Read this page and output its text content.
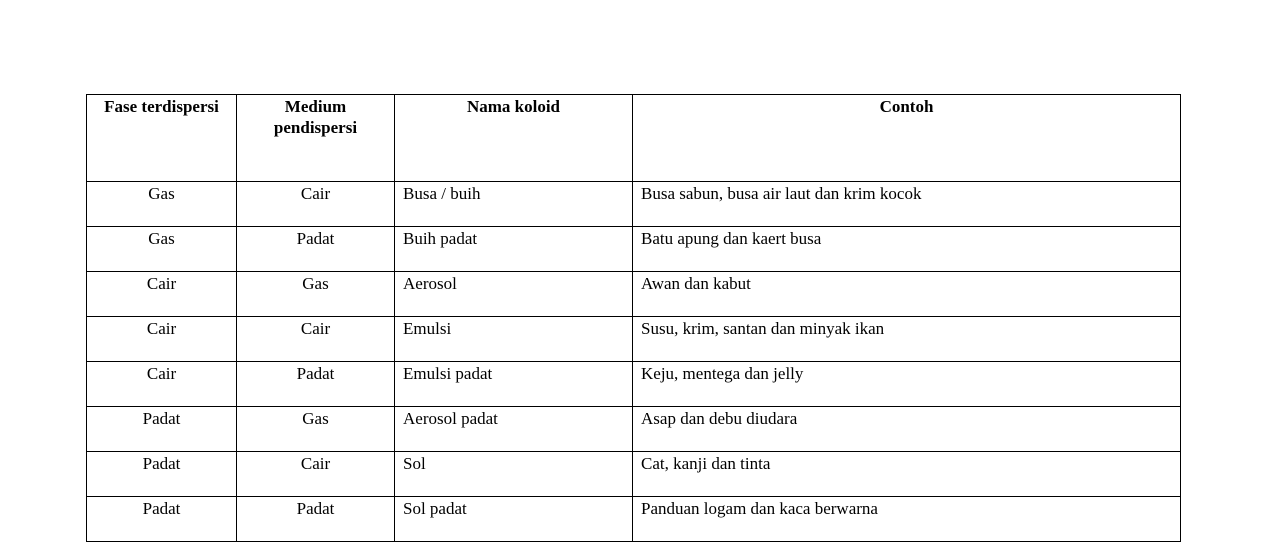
Fase terdispersi	Medium pendispersi	Nama koloid	Contoh
Gas	Cair	Busa / buih	Busa sabun, busa air laut dan krim kocok
Gas	Padat	Buih padat	Batu apung dan kaert busa
Cair	Gas	Aerosol	Awan dan kabut
Cair	Cair	Emulsi	Susu, krim, santan dan minyak ikan
Cair	Padat	Emulsi padat	Keju, mentega dan jelly
Padat	Gas	Aerosol padat	Asap dan debu diudara
Padat	Cair	Sol	Cat, kanji dan tinta
Padat	Padat	Sol padat	Panduan logam dan kaca berwarna
